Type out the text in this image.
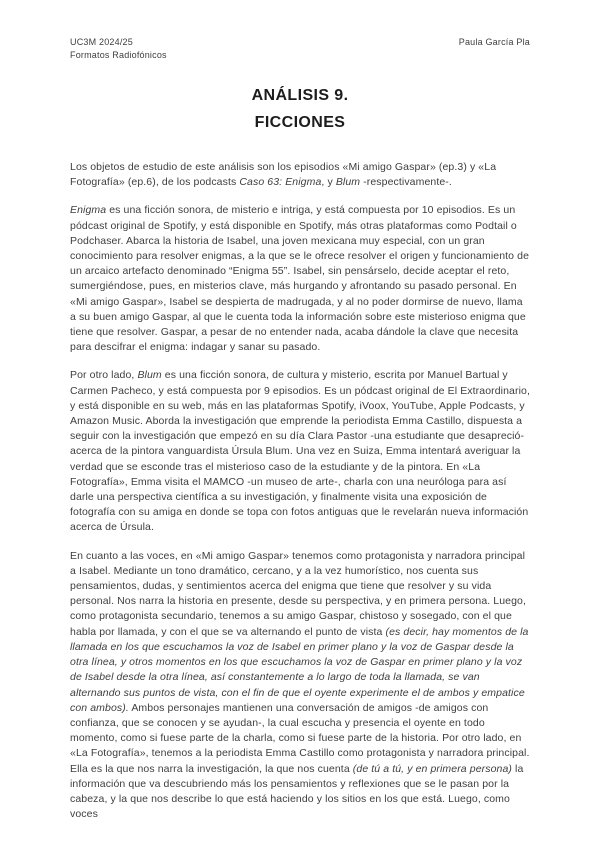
UC3M 2024/25
Formatos Radiofónicos
Paula García Pla
ANÁLISIS 9.
FICCIONES

Los objetos de estudio de este análisis son los episodios «Mi amigo Gaspar» (ep.3) y «La Fotografía» (ep.6), de los podcasts Caso 63: Enigma, y Blum -respectivamente-.

Enigma es una ficción sonora, de misterio e intriga, y está compuesta por 10 episodios. Es un pódcast original de Spotify, y está disponible en Spotify, más otras plataformas como Podtail o Podchaser. Abarca la historia de Isabel, una joven mexicana muy especial, con un gran conocimiento para resolver enigmas, a la que se le ofrece resolver el origen y funcionamiento de un arcaico artefacto denominado “Enigma 55”. Isabel, sin pensárselo, decide aceptar el reto, sumergiéndose, pues, en misterios clave, más hurgando y afrontando su pasado personal. En «Mi amigo Gaspar», Isabel se despierta de madrugada, y al no poder dormirse de nuevo, llama a su buen amigo Gaspar, al que le cuenta toda la información sobre este misterioso enigma que tiene que resolver. Gaspar, a pesar de no entender nada, acaba dándole la clave que necesita para descifrar el enigma: indagar y sanar su pasado.

Por otro lado, Blum es una ficción sonora, de cultura y misterio, escrita por Manuel Bartual y Carmen Pacheco, y está compuesta por 9 episodios. Es un pódcast original de El Extraordinario, y está disponible en su web, más en las plataformas Spotify, iVoox, YouTube, Apple Podcasts, y Amazon Music. Aborda la investigación que emprende la periodista Emma Castillo, dispuesta a seguir con la investigación que empezó en su día Clara Pastor -una estudiante que desapreció- acerca de la pintora vanguardista Úrsula Blum. Una vez en Suiza, Emma intentará averiguar la verdad que se esconde tras el misterioso caso de la estudiante y de la pintora. En «La Fotografía», Emma visita el MAMCO -un museo de arte-, charla con una neuróloga para así darle una perspectiva científica a su investigación, y finalmente visita una exposición de fotografía con su amiga en donde se topa con fotos antiguas que le revelarán nueva información acerca de Úrsula.

En cuanto a las voces, en «Mi amigo Gaspar» tenemos como protagonista y narradora principal a Isabel. Mediante un tono dramático, cercano, y a la vez humorístico, nos cuenta sus pensamientos, dudas, y sentimientos acerca del enigma que tiene que resolver y su vida personal. Nos narra la historia en presente, desde su perspectiva, y en primera persona. Luego, como protagonista secundario, tenemos a su amigo Gaspar, chistoso y sosegado, con el que habla por llamada, y con el que se va alternando el punto de vista (es decir, hay momentos de la llamada en los que escuchamos la voz de Isabel en primer plano y la voz de Gaspar desde la otra línea, y otros momentos en los que escuchamos la voz de Gaspar en primer plano y la voz de Isabel desde la otra línea, así constantemente a lo largo de toda la llamada, se van alternando sus puntos de vista, con el fin de que el oyente experimente el de ambos y empatice con ambos). Ambos personajes mantienen una conversación de amigos -de amigos con confianza, que se conocen y se ayudan-, la cual escucha y presencia el oyente en todo momento, como si fuese parte de la charla, como si fuese parte de la historia. Por otro lado, en «La Fotografía», tenemos a la periodista Emma Castillo como protagonista y narradora principal. Ella es la que nos narra la investigación, la que nos cuenta (de tú a tú, y en primera persona) la información que va descubriendo más los pensamientos y reflexiones que se le pasan por la cabeza, y la que nos describe lo que está haciendo y los sitios en los que está. Luego, como voces
